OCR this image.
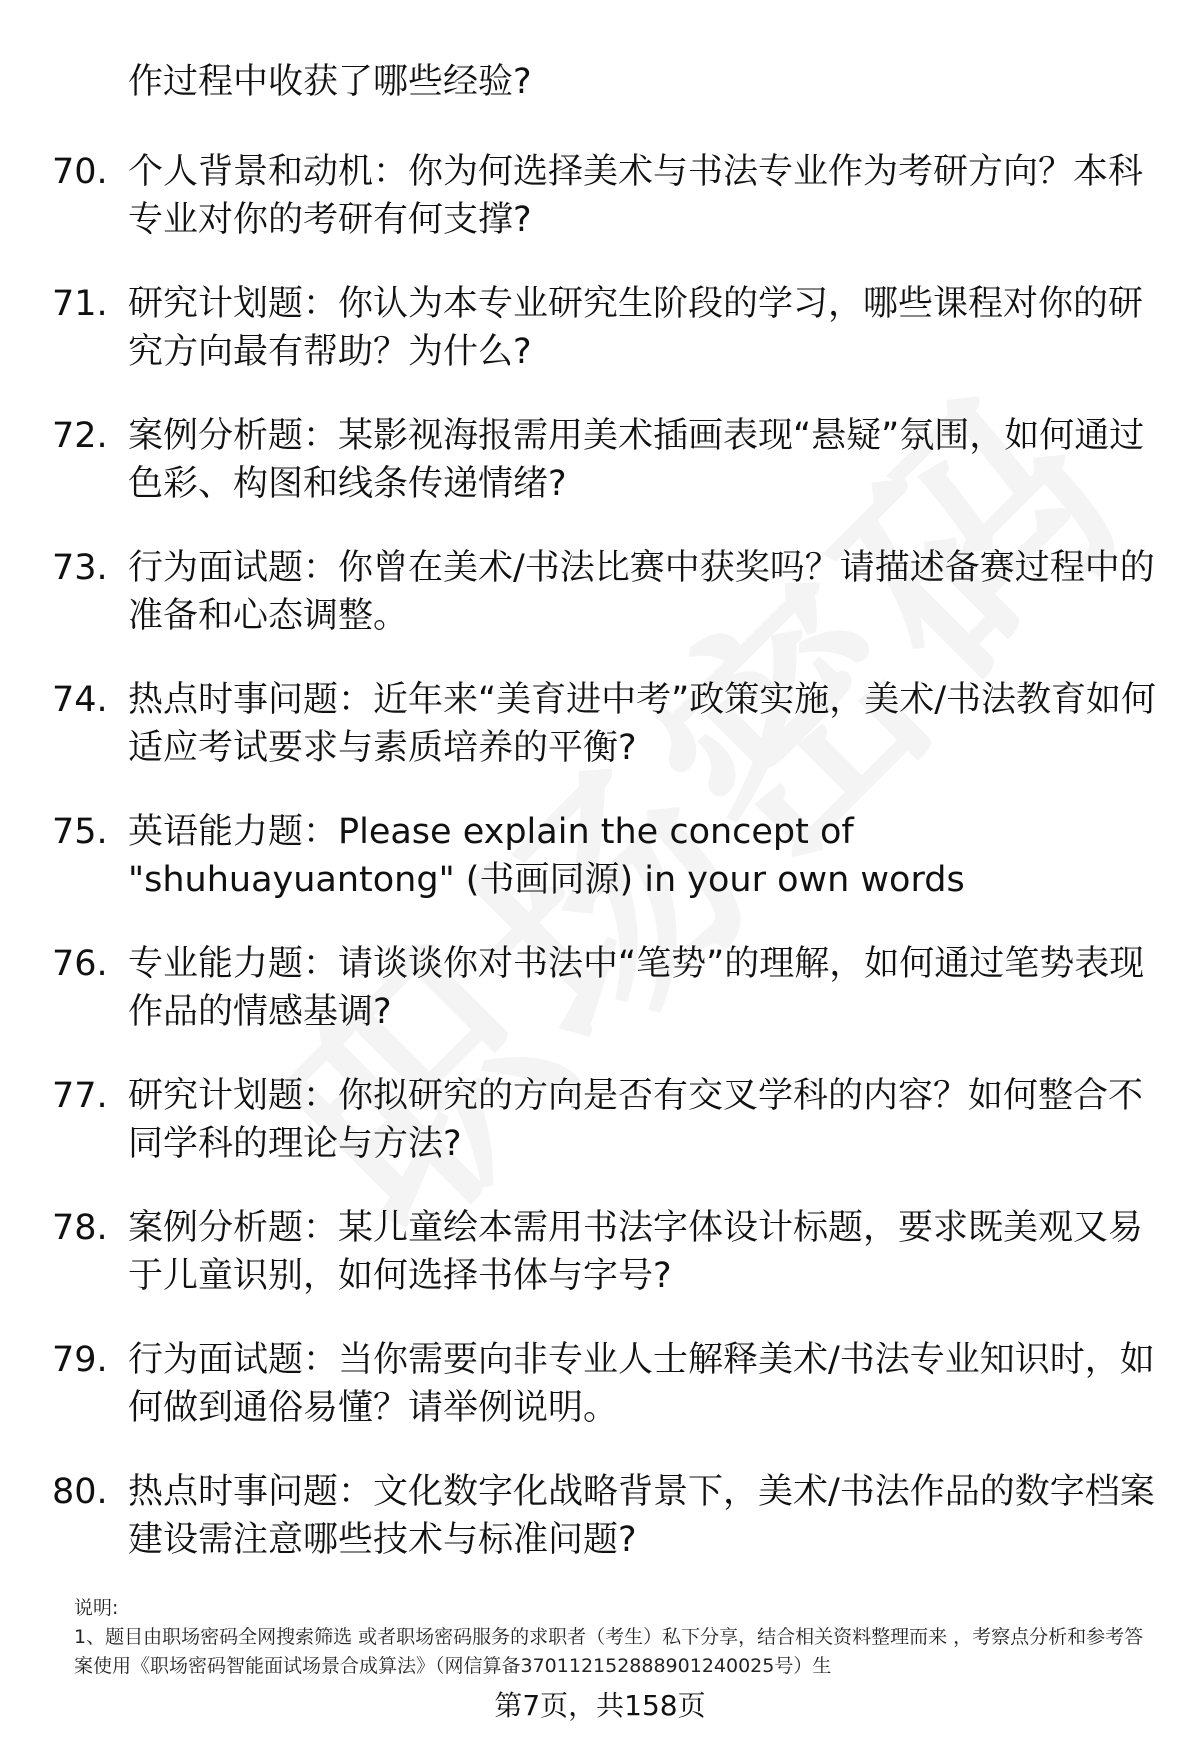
作过程中收获了哪些经验?
70. 个人背景和动机：你为何选择美术与书法专业作为考研方向？本科专业对你的考研有何支撑?
71. 研究计划题：你认为本专业研究生阶段的学习，哪些课程对你的研究方向最有帮助？为什么?
72. 案例分析题：某影视海报需用美术插画表现“悬疑”氛围，如何通过色彩、构图和线条传递情绪?
73. 行为面试题：你曾在美术/书法比赛中获奖吗？请描述备赛过程中的准备和心态调整。
74. 热点时事问题：近年来“美育进中考”政策实施，美术/书法教育如何适应考试要求与素质培养的平衡?
75. 英语能力题：Please explain the concept of "shuhuayuantong" (书画同源) in your own words
76. 专业能力题：请谈谈你对书法中“笔势”的理解，如何通过笔势表现作品的情感基调?
77. 研究计划题：你拟研究的方向是否有交叉学科的内容？如何整合不同学科的理论与方法?
78. 案例分析题：某儿童绘本需用书法字体设计标题，要求既美观又易于儿童识别，如何选择书体与字号?
79. 行为面试题：当你需要向非专业人士解释美术/书法专业知识时，如何做到通俗易懂？请举例说明。
80. 热点时事问题：文化数字化战略背景下，美术/书法作品的数字档案建设需注意哪些技术与标准问题?
说明:
1、题目由职场密码全网搜索筛选 或者职场密码服务的求职者（考生）私下分享，结合相关资料整理而来 ，考察点分析和参考答案使用《职场密码智能面试场景合成算法》（网信算备370112152888901240025号）生
第7页，共158页
